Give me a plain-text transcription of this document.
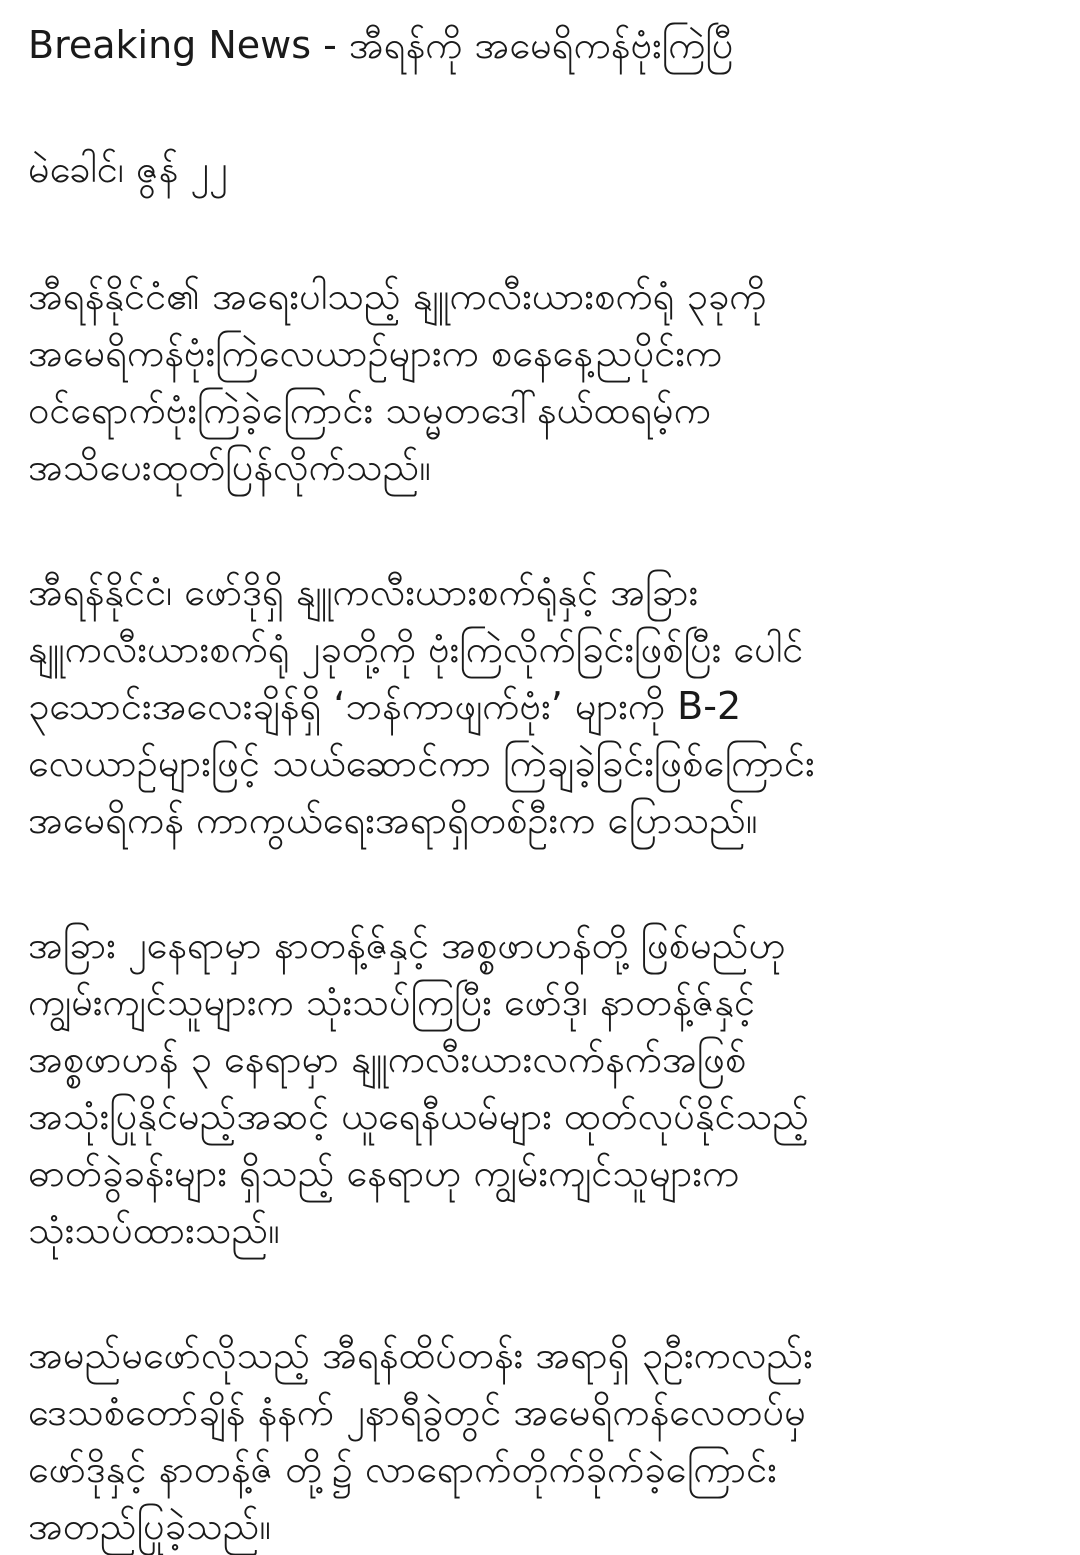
Breaking News - အီရန်ကို အမေရိကန်ဗုံးကြဲပြီ
မဲခေါင်၊ ဇွန် ၂၂
အီရန်နိုင်ငံ၏ အရေးပါသည့် နျူကလီးယားစက်ရုံ ၃ခုကို
အမေရိကန်ဗုံးကြဲလေယာဉ်များက စနေနေ့ညပိုင်းက
ဝင်ရောက်ဗုံးကြဲခဲ့ကြောင်း သမ္မတဒေါ်နယ်ထရမ့်က
အသိပေးထုတ်ပြန်လိုက်သည်။
အီရန်နိုင်ငံ၊ ဖော်ဒိုရှိ နျူကလီးယားစက်ရုံနှင့် အခြား
နျူကလီးယားစက်ရုံ ၂ခုတို့ကို ဗုံးကြဲလိုက်ခြင်းဖြစ်ပြီး ပေါင်
၃သောင်းအလေးချိန်ရှိ ‘ဘန်ကာဖျက်ဗုံး’ များကို B-2
လေယာဉ်များဖြင့် သယ်ဆောင်ကာ ကြဲချခဲ့ခြင်းဖြစ်ကြောင်း
အမေရိကန် ကာကွယ်ရေးအရာရှိတစ်ဦးက ပြောသည်။
အခြား ၂နေရာမှာ နာတန့်ဇ်နှင့် အစ္စဖာဟန်တို့ ဖြစ်မည်ဟု
ကျွမ်းကျင်သူများက သုံးသပ်ကြပြီး ဖော်ဒို၊ နာတန့်ဇ်နှင့်
အစ္စဖာဟန် ၃ နေရာမှာ နျူကလီးယားလက်နက်အဖြစ်
အသုံးပြုနိုင်မည့်အဆင့် ယူရေနီယမ်များ ထုတ်လုပ်နိုင်သည့်
ဓာတ်ခွဲခန်းများ ရှိသည့် နေရာဟု ကျွမ်းကျင်သူများက
သုံးသပ်ထားသည်။
အမည်မဖော်လိုသည့် အီရန်ထိပ်တန်း အရာရှိ ၃ဦးကလည်း
ဒေသစံတော်ချိန် နံနက် ၂နာရီခွဲတွင် အမေရိကန်လေတပ်မှ
ဖော်ဒိုနှင့် နာတန့်ဇ် တို့၌ လာရောက်တိုက်ခိုက်ခဲ့ကြောင်း
အတည်ပြုခဲ့သည်။
